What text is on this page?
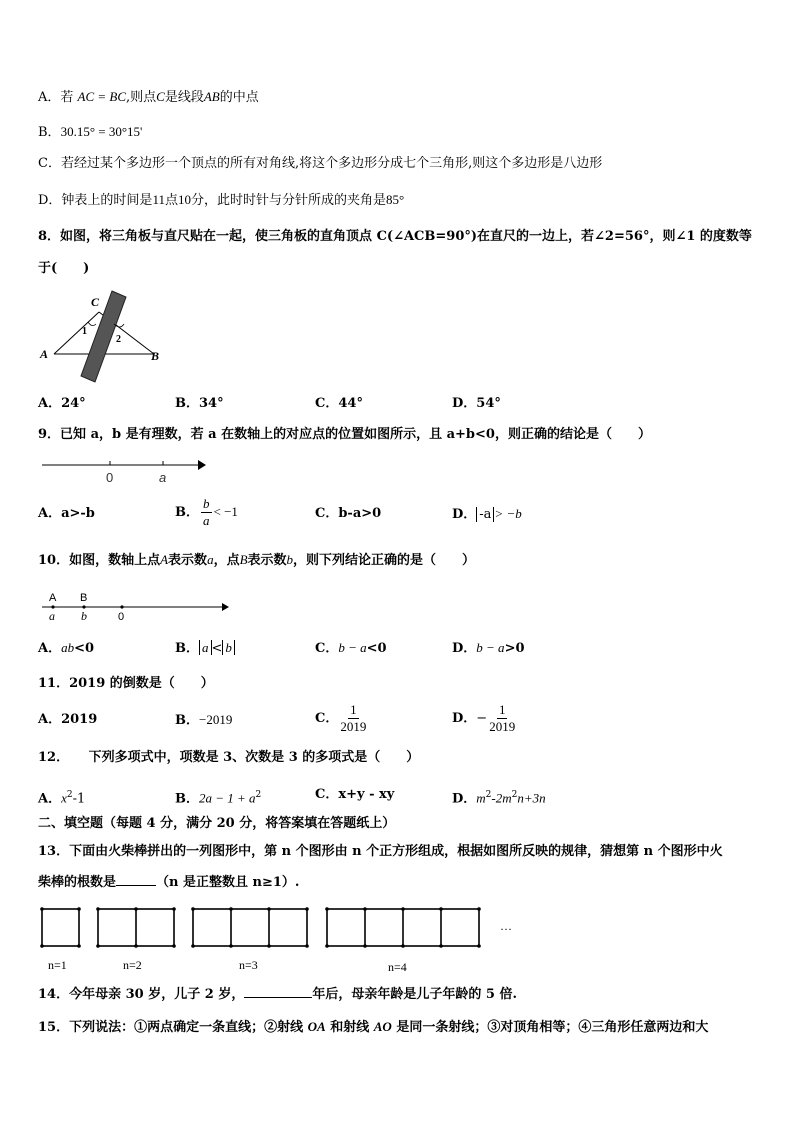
A．若 AC = BC,则点C是线段AB的中点
B．30.15° = 30°15'
C．若经过某个多边形一个顶点的所有对角线,将这个多边形分成七个三角形,则这个多边形是八边形
D．钟表上的时间是11点10分，此时时针与分针所成的夹角是85°
8．如图，将三角板与直尺贴在一起，使三角板的直角顶点 C(∠ACB=90°)在直尺的一边上，若∠2=56°，则∠1 的度数等
于(　　)
A	B
C
1
2
A．24°	B．34°	C．44°	D．54°
9．已知 a，b 是有理数，若 a 在数轴上的对应点的位置如图所示，且 a+b<0，则正确的结论是（　　）
0	a
A．a>-b	B． $\frac{b}{a} < -1$	C．b-a>0	D． -a > −b
10．如图，数轴上点A表示数a，点B表示数b，则下列结论正确的是（　　）
A B
a b	0
A．ab<0	B． a < b	C．b − a<0	D．b − a>0
11．2019 的倒数是（　　）
A．2019	B．−2019	C． $\frac{1}{2019}$	D．− $\frac{1}{2019}$
12．　　下列多项式中，项数是 3、次数是 3 的多项式是（　　）
A．$x^2-1$	B．$2a - 1 + a^2$	C．x+y - xy	D．$m^2-2m^2n+3n$
二、填空题（每题 4 分，满分 20 分，将答案填在答题纸上）
13．下面由火柴棒拼出的一列图形中，第 n 个图形由 n 个正方形组成，根据如图所反映的规律，猜想第 n 个图形中火
柴棒的根数是	（n 是正整数且 n≥1）.
n=1	n=2	n=3	n=4
···
14．今年母亲 30 岁，儿子 2 岁，	年后，母亲年龄是儿子年龄的 5 倍.
15．下列说法：①两点确定一条直线；②射线 OA 和射线 AO 是同一条射线；③对顶角相等；④三角形任意两边和大
